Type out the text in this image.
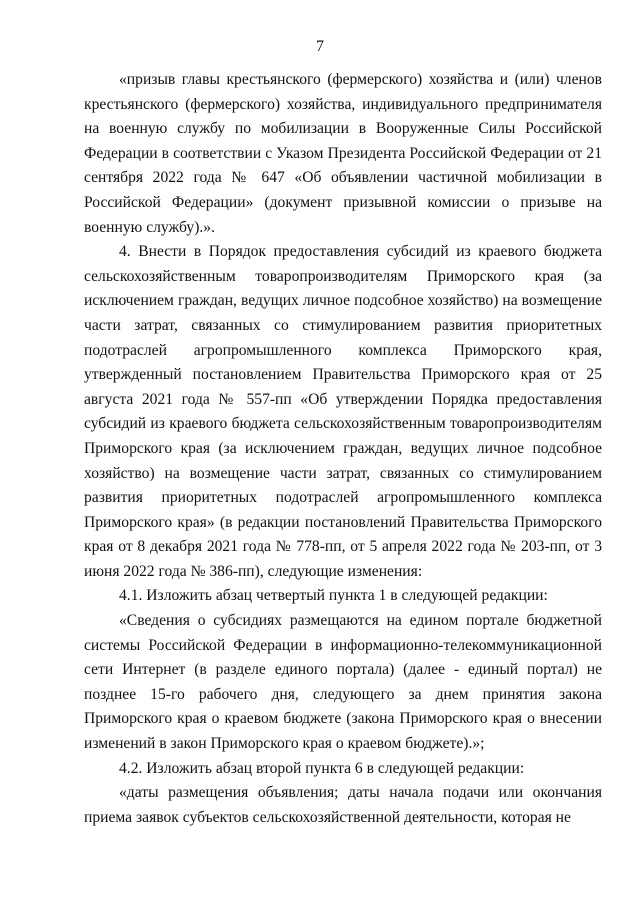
7

«призыв главы крестьянского (фермерского) хозяйства и (или) членов крестьянского (фермерского) хозяйства, индивидуального предпринимателя на военную службу по мобилизации в Вооруженные Силы Российской Федерации в соответствии с Указом Президента Российской Федерации от 21 сентября 2022 года № 647 «Об объявлении частичной мобилизации в Российской Федерации» (документ призывной комиссии о призыве на военную службу).».

4. Внести в Порядок предоставления субсидий из краевого бюджета сельскохозяйственным товаропроизводителям Приморского края (за исключением граждан, ведущих личное подсобное хозяйство) на возмещение части затрат, связанных со стимулированием развития приоритетных подотраслей агропромышленного комплекса Приморского края, утвержденный постановлением Правительства Приморского края от 25 августа 2021 года № 557-пп «Об утверждении Порядка предоставления субсидий из краевого бюджета сельскохозяйственным товаропроизводителям Приморского края (за исключением граждан, ведущих личное подсобное хозяйство) на возмещение части затрат, связанных со стимулированием развития приоритетных подотраслей агропромышленного комплекса Приморского края» (в редакции постановлений Правительства Приморского края от 8 декабря 2021 года № 778-пп, от 5 апреля 2022 года № 203-пп, от 3 июня 2022 года № 386-пп), следующие изменения:

4.1. Изложить абзац четвертый пункта 1 в следующей редакции:

«Сведения о субсидиях размещаются на едином портале бюджетной системы Российской Федерации в информационно-телекоммуникационной сети Интернет (в разделе единого портала) (далее - единый портал) не позднее 15-го рабочего дня, следующего за днем принятия закона Приморского края о краевом бюджете (закона Приморского края о внесении изменений в закон Приморского края о краевом бюджете).»;

4.2. Изложить абзац второй пункта 6 в следующей редакции:

«даты размещения объявления; даты начала подачи или окончания приема заявок субъектов сельскохозяйственной деятельности, которая не
